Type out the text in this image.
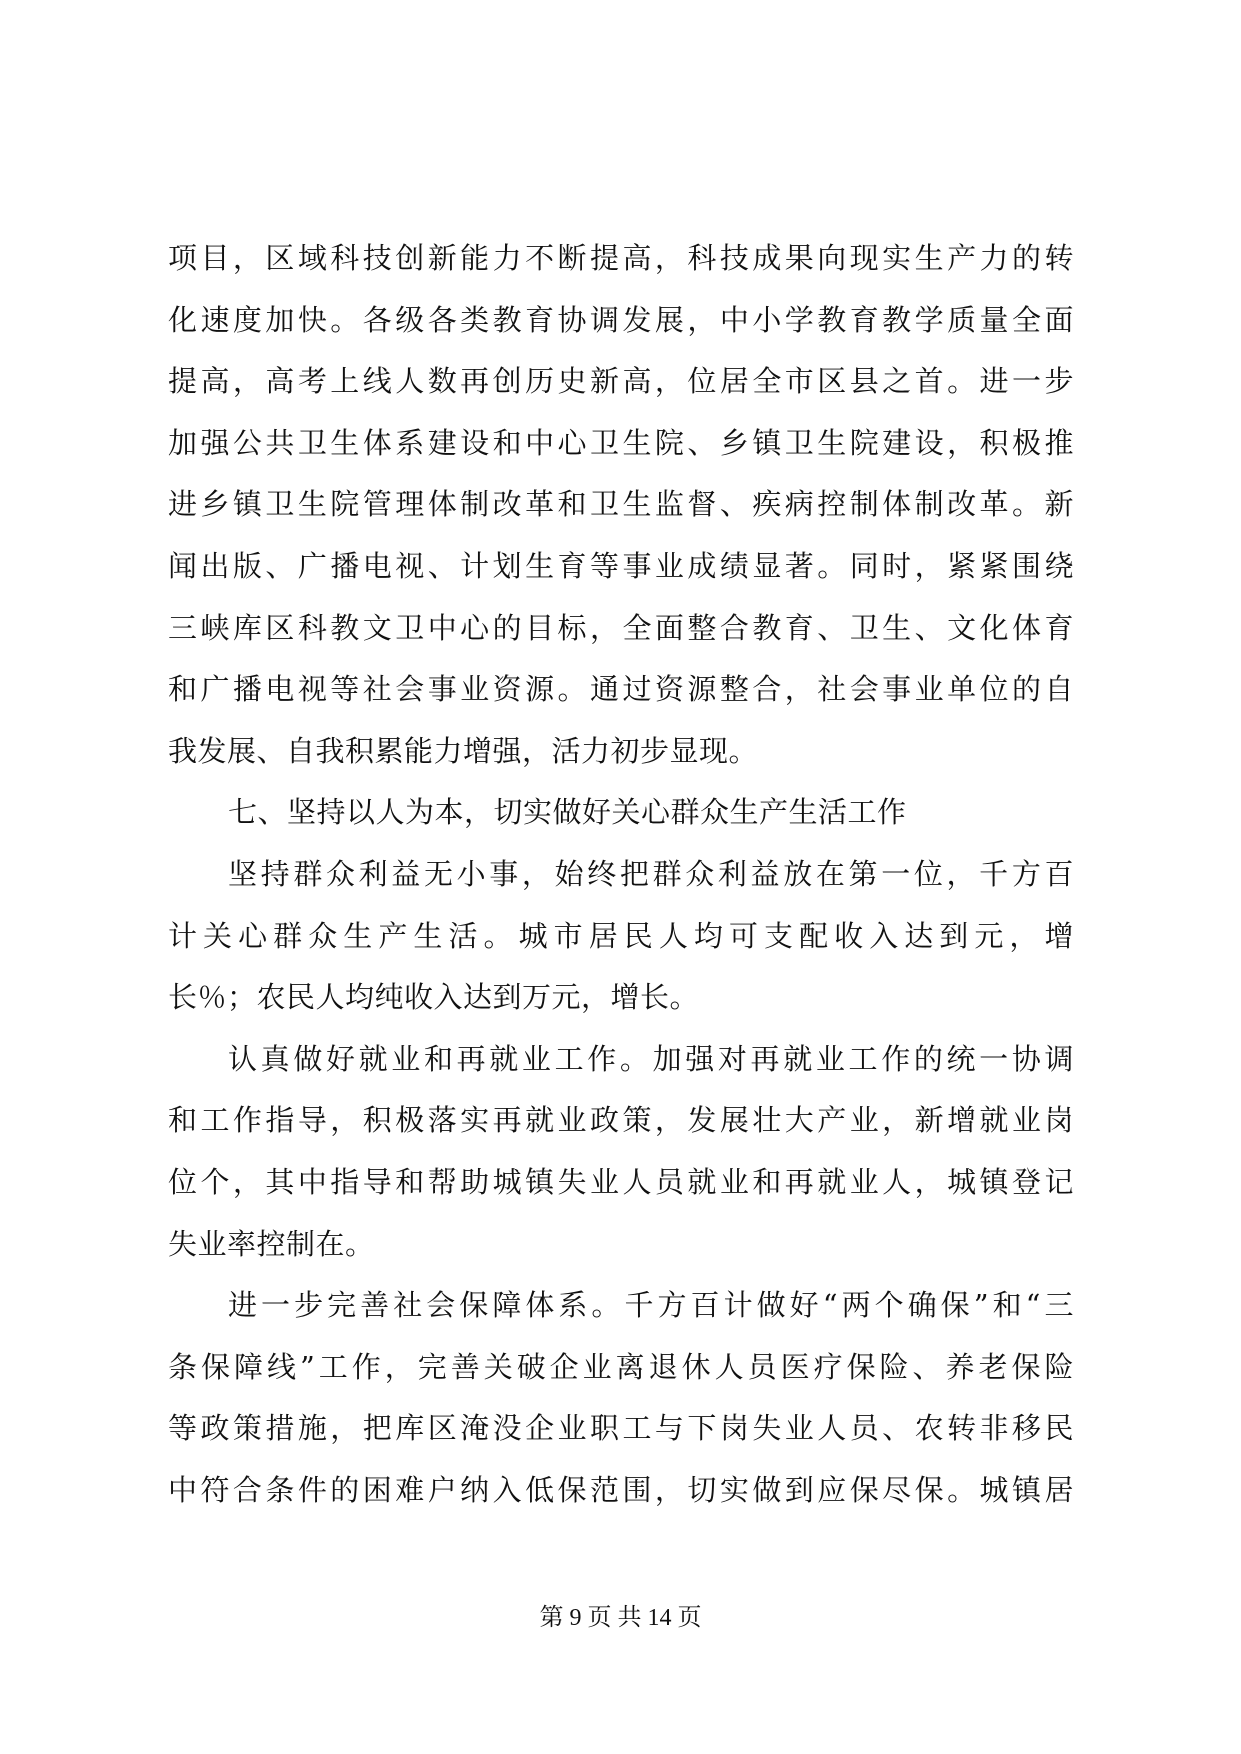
项目，区域科技创新能力不断提高，科技成果向现实生产力的转
化速度加快。各级各类教育协调发展，中小学教育教学质量全面
提高，高考上线人数再创历史新高，位居全市区县之首。进一步
加强公共卫生体系建设和中心卫生院、乡镇卫生院建设，积极推
进乡镇卫生院管理体制改革和卫生监督、疾病控制体制改革。新
闻出版、广播电视、计划生育等事业成绩显著。同时，紧紧围绕
三峡库区科教文卫中心的目标，全面整合教育、卫生、文化体育
和广播电视等社会事业资源。通过资源整合，社会事业单位的自
我发展、自我积累能力增强，活力初步显现。
七、坚持以人为本，切实做好关心群众生产生活工作
坚持群众利益无小事，始终把群众利益放在第一位，千方百
计关心群众生产生活。城市居民人均可支配收入达到元，增
长％；农民人均纯收入达到万元，增长。
认真做好就业和再就业工作。加强对再就业工作的统一协调
和工作指导，积极落实再就业政策，发展壮大产业，新增就业岗
位个，其中指导和帮助城镇失业人员就业和再就业人，城镇登记
失业率控制在。
进一步完善社会保障体系。千方百计做好“两个确保”和“三
条保障线”工作，完善关破企业离退休人员医疗保险、养老保险
等政策措施，把库区淹没企业职工与下岗失业人员、农转非移民
中符合条件的困难户纳入低保范围，切实做到应保尽保。城镇居
第 9 页 共 14 页
